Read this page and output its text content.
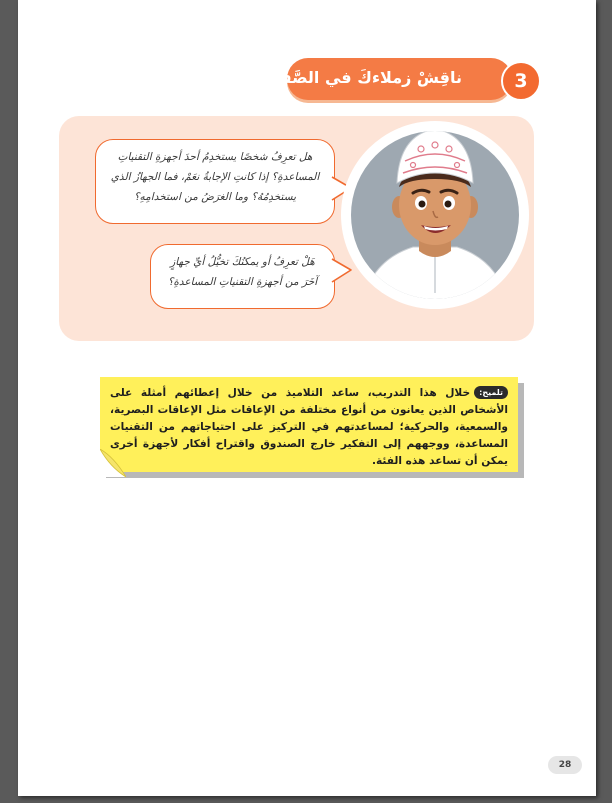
ناقِشْ زملاءكَ في الصَّفّ.	3
هل تعرِفُ شخصًا يستخدِمُ أحدَ أجهزةِ التقنياتِ
المساعدةِ؟ إذا كانتِ الإجابةُ نعَمْ، فما الجهازُ الذي
يستخدِمُهُ؟ وما الغرَضُ من استخدامِهِ؟
هَلْ تعرِفُ أو يمكنُكَ تخيُّلُ أيِّ جهازٍ
آخَرَ من أجهزةِ التقنياتِ المساعدةِ؟
تلميح:خلال هذا التدريب، ساعد التلاميذ من خلال إعطائهم أمثلة على الأشخاص الذين يعانون من أنواع مختلفة من الإعاقات مثل الإعاقات البصرية، والسمعية، والحركية؛ لمساعدتهم في التركيز على احتياجاتهم من التقنيات المساعدة، ووجههم إلى التفكير خارج الصندوق واقتراح أفكار لأجهزة أخرى يمكن أن تساعد هذه الفئة.
28
